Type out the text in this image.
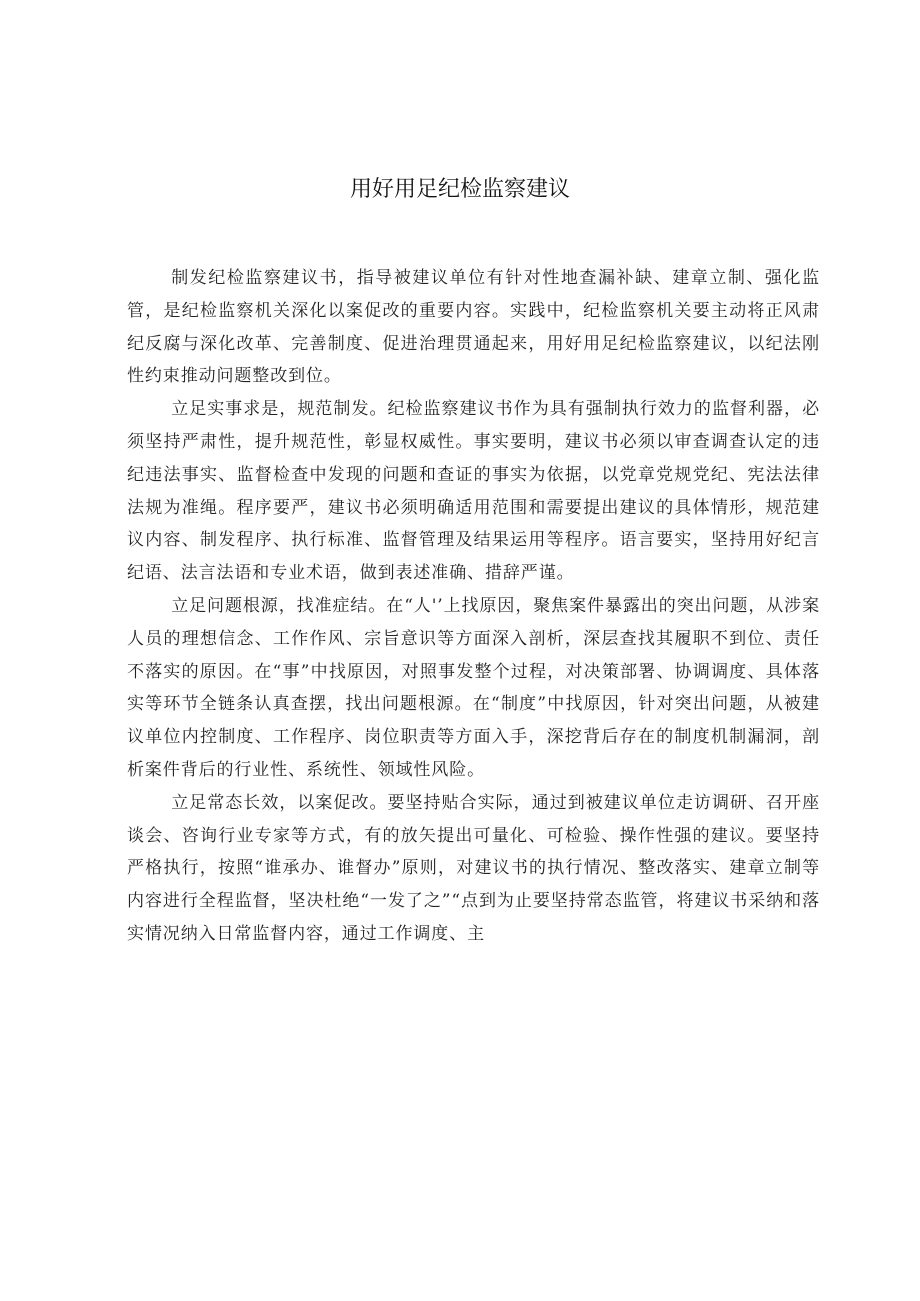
用好用足纪检监察建议

制发纪检监察建议书，指导被建议单位有针对性地查漏补缺、建章立制、强化监管，是纪检监察机关深化以案促改的重要内容。实践中，纪检监察机关要主动将正风肃纪反腐与深化改革、完善制度、促进治理贯通起来，用好用足纪检监察建议，以纪法刚性约束推动问题整改到位。

立足实事求是，规范制发。纪检监察建议书作为具有强制执行效力的监督利器，必须坚持严肃性，提升规范性，彰显权威性。事实要明，建议书必须以审查调查认定的违纪违法事实、监督检查中发现的问题和查证的事实为依据，以党章党规党纪、宪法法律法规为准绳。程序要严，建议书必须明确适用范围和需要提出建议的具体情形，规范建议内容、制发程序、执行标准、监督管理及结果运用等程序。语言要实，坚持用好纪言纪语、法言法语和专业术语，做到表述准确、措辞严谨。

立足问题根源，找准症结。在“人'’上找原因，聚焦案件暴露出的突出问题，从涉案人员的理想信念、工作作风、宗旨意识等方面深入剖析，深层查找其履职不到位、责任不落实的原因。在“事”中找原因，对照事发整个过程，对决策部署、协调调度、具体落实等环节全链条认真查摆，找出问题根源。在“制度”中找原因，针对突出问题，从被建议单位内控制度、工作程序、岗位职责等方面入手，深挖背后存在的制度机制漏洞，剖析案件背后的行业性、系统性、领域性风险。

立足常态长效，以案促改。要坚持贴合实际，通过到被建议单位走访调研、召开座谈会、咨询行业专家等方式，有的放矢提出可量化、可检验、操作性强的建议。要坚持严格执行，按照“谁承办、谁督办”原则，对建议书的执行情况、整改落实、建章立制等内容进行全程监督，坚决杜绝“一发了之”“点到为止要坚持常态监管，将建议书采纳和落实情况纳入日常监督内容，通过工作调度、主
